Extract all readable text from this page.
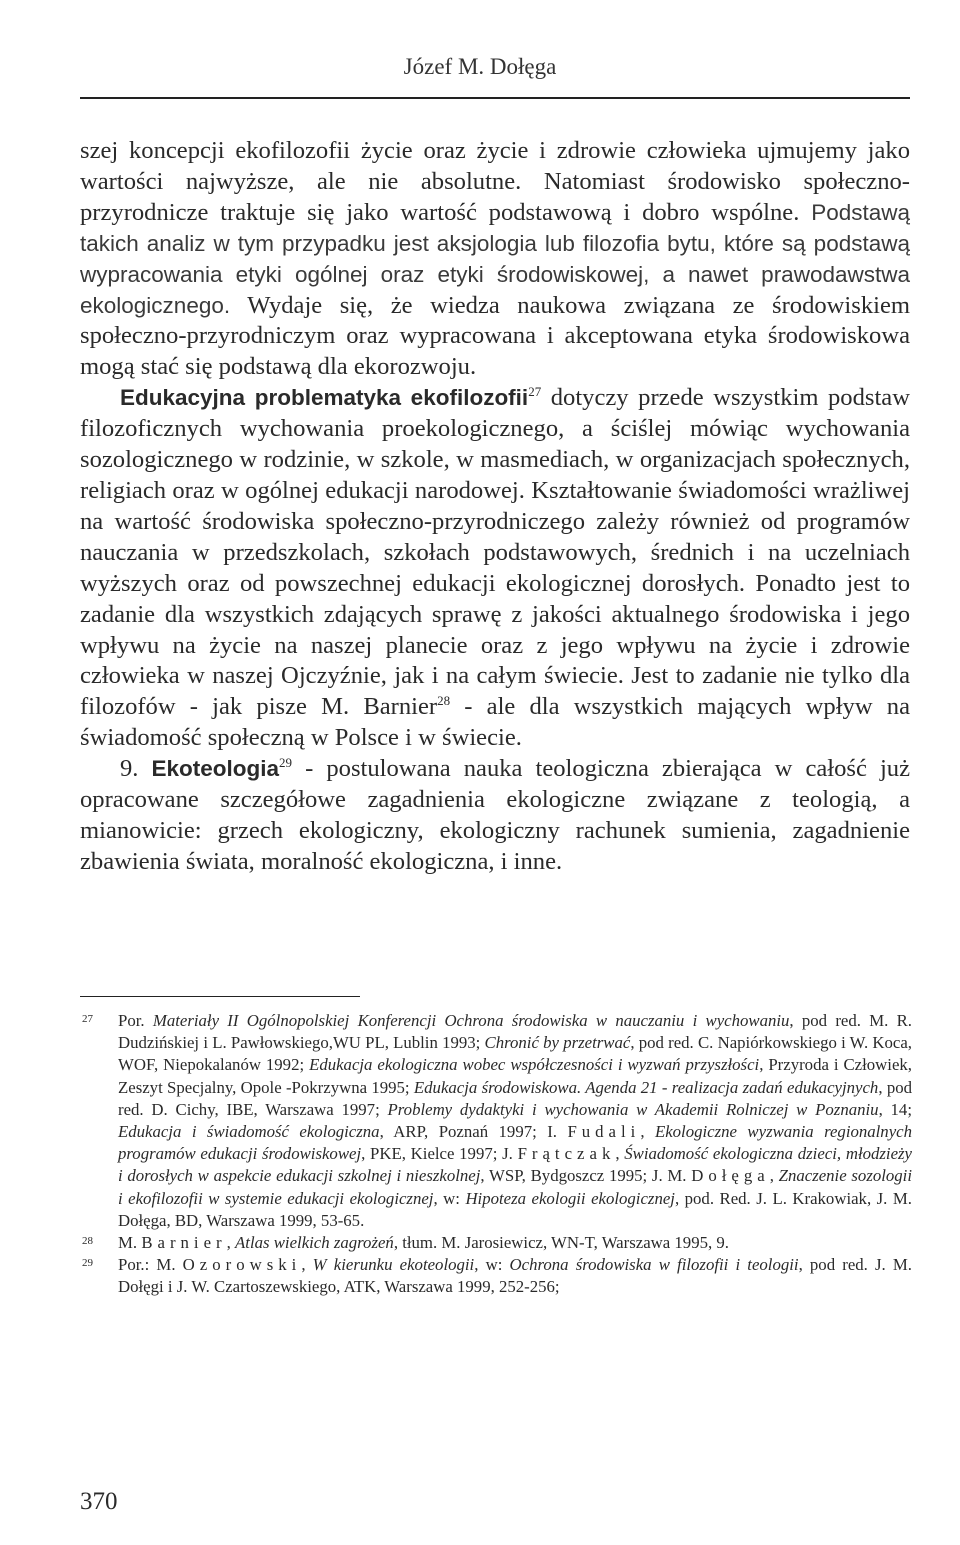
Józef M. Dołęga

szej koncepcji ekofilozofii życie oraz życie i zdrowie człowieka ujmujemy jako wartości najwyższe, ale nie absolutne. Natomiast środowisko społeczno-przyrodnicze traktuje się jako wartość podstawową i dobro wspólne. Podstawą takich analiz w tym przypadku jest aksjologia lub filozofia bytu, które są podstawą wypracowania etyki ogólnej oraz etyki środowiskowej, a nawet prawodawstwa ekologicznego. Wydaje się, że wiedza naukowa związana ze środowiskiem społeczno-przyrodniczym oraz wypracowana i akceptowana etyka środowiskowa mogą stać się podstawą dla ekorozwoju.

Edukacyjna problematyka ekofilozofii$^{27}$ dotyczy przede wszystkim podstaw filozoficznych wychowania proekologicznego, a ściślej mówiąc wychowania sozologicznego w rodzinie, w szkole, w masmediach, w organizacjach społecznych, religiach oraz w ogólnej edukacji narodowej. Kształtowanie świadomości wrażliwej na wartość środowiska społeczno-przyrodniczego zależy również od programów nauczania w przedszkolach, szkołach podstawowych, średnich i na uczelniach wyższych oraz od powszechnej edukacji ekologicznej dorosłych. Ponadto jest to zadanie dla wszystkich zdających sprawę z jakości aktualnego środowiska i jego wpływu na życie na naszej planecie oraz z jego wpływu na życie i zdrowie człowieka w naszej Ojczyźnie, jak i na całym świecie. Jest to zadanie nie tylko dla filozofów - jak pisze M. Barnier$^{28}$ - ale dla wszystkich mających wpływ na świadomość społeczną w Polsce i w świecie.

9. Ekoteologia$^{29}$ - postulowana nauka teologiczna zbierająca w całość już opracowane szczegółowe zagadnienia ekologiczne związane z teologią, a mianowicie: grzech ekologiczny, ekologiczny rachunek sumienia, zagadnienie zbawienia świata, moralność ekologiczna, i inne.

27 Por. Materiały II Ogólnopolskiej Konferencji Ochrona środowiska w nauczaniu i wychowaniu, pod red. M. R. Dudzińskiej i L. Pawłowskiego,WU PL, Lublin 1993; Chronić by przetrwać, pod red. C. Napiórkowskiego i W. Koca, WOF, Niepokalanów 1992; Edukacja ekologiczna wobec współczesności i wyzwań przyszłości, Przyroda i Człowiek, Zeszyt Specjalny, Opole -Pokrzywna 1995; Edukacja środowiskowa. Agenda 21 - realizacja zadań edukacyjnych, pod red. D. Cichy, IBE, Warszawa 1997; Problemy dydaktyki i wychowania w Akademii Rolniczej w Poznaniu, 14; Edukacja i świadomość ekologiczna, ARP, Poznań 1997; I. Fudali, Ekologiczne wyzwania regionalnych programów edukacji środowiskowej, PKE, Kielce 1997; J. Frątczak, Świadomość ekologiczna dzieci, młodzieży i dorosłych w aspekcie edukacji szkolnej i nieszkolnej, WSP, Bydgoszcz 1995; J. M. Dołęga, Znaczenie sozologii i ekofilozofii w systemie edukacji ekologicznej, w: Hipoteza ekologii ekologicznej, pod. Red. J. L. Krakowiak, J. M. Dołęga, BD, Warszawa 1999, 53-65.

28 M. Barnier, Atlas wielkich zagrożeń, tłum. M. Jarosiewicz, WN-T, Warszawa 1995, 9.

29 Por.: M. Ozorowski, W kierunku ekoteologii, w: Ochrona środowiska w filozofii i teologii, pod red. J. M. Dołęgi i J. W. Czartoszewskiego, ATK, Warszawa 1999, 252-256;

370
